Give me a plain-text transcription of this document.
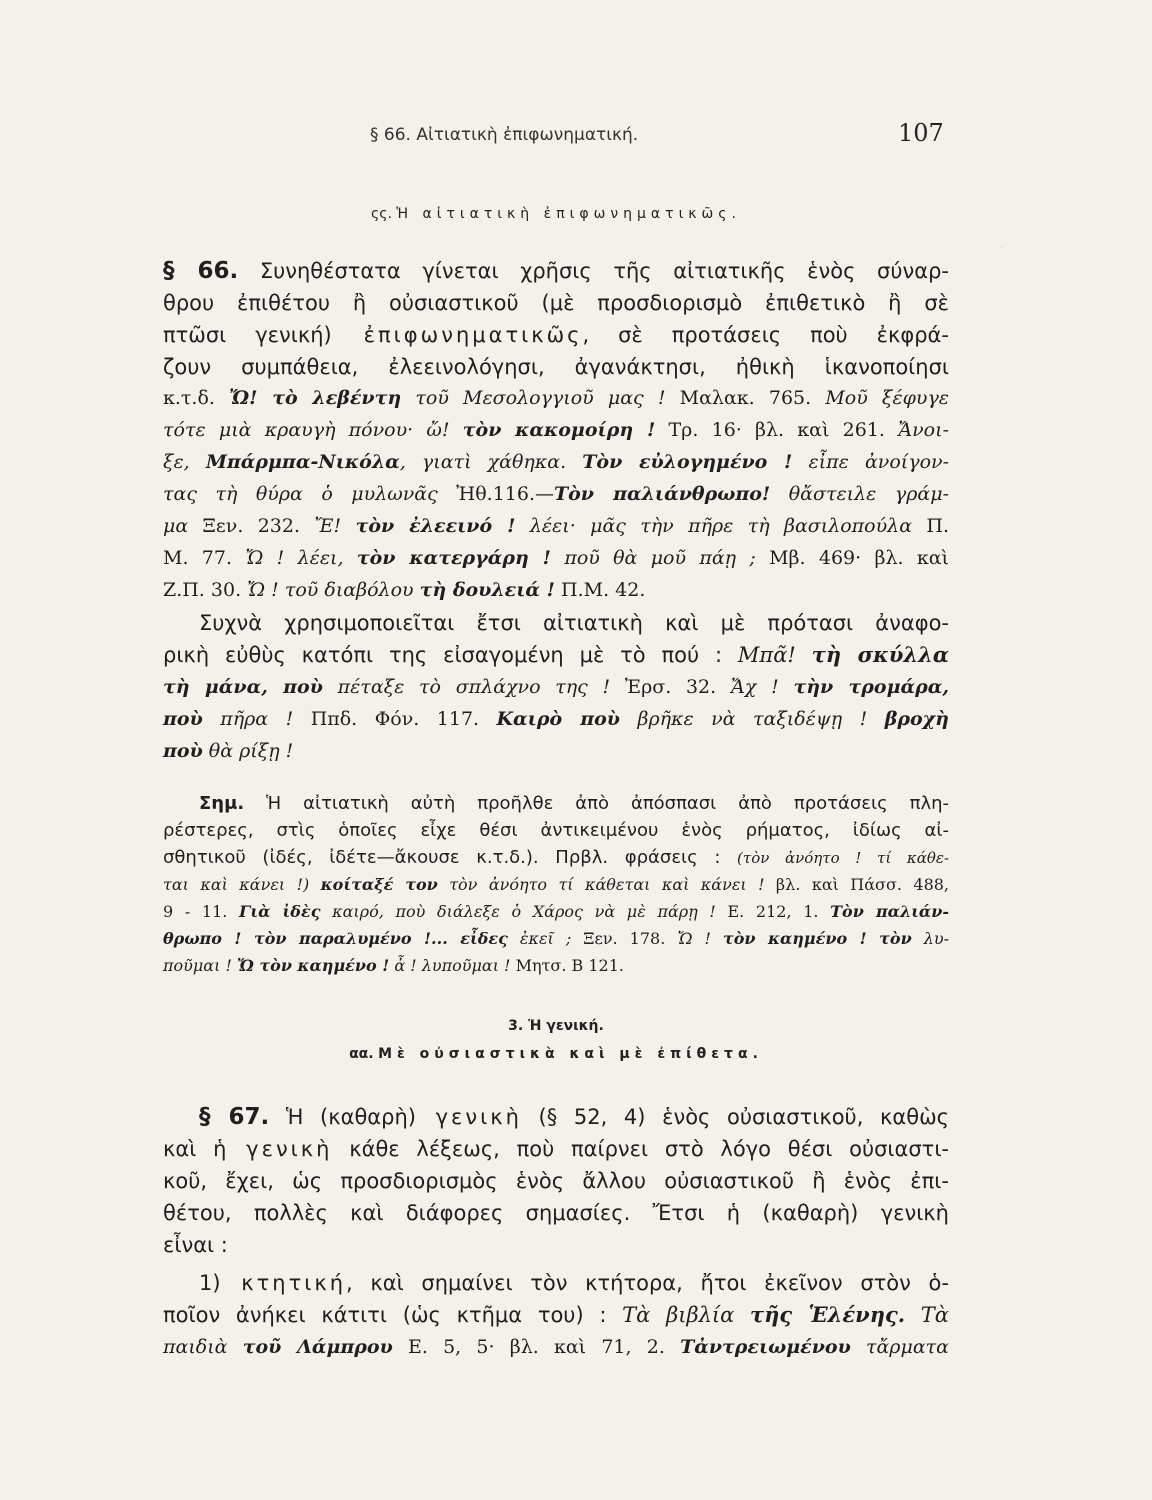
·
§ 66. Αἰτιατικὴ ἐπιφωνηματική.	107
ςς. Ἡ αἰτιατικὴ ἐπιφωνηματικῶς.
§ 66. Συνηθέστατα γίνεται χρῆσις τῆς αἰτιατικῆς ἑνὸς σύναρ-
θρου ἐπιθέτου ἢ οὐσιαστικοῦ (μὲ προσδιορισμὸ ἐπιθετικὸ ἢ σὲ
πτῶσι γενική) ἐπιφωνηματικῶς, σὲ προτάσεις ποὺ ἐκφρά-
ζουν συμπάθεια, ἐλεεινολόγησι, ἀγανάκτησι, ἠθικὴ ἱκανοποίησι
κ.τ.δ. Ὤ! τὸ λεβέντη τοῦ Μεσολογγιοῦ μας ! Μαλακ. 765. Μοῦ ξέφυγε
τότε μιὰ κραυγὴ πόνου· ὤ! τὸν κακομοίρη ! Τρ. 16· βλ. καὶ 261. Ἄνοι-
ξε, Μπάρμπα-Νικόλα, γιατὶ χάθηκα. Τὸν εὐλογημένο ! εἶπε ἀνοίγον-
τας τὴ θύρα ὁ μυλωνᾶς Ἠθ.116.—Τὸν παλιάνθρωπο! θἄστειλε γράμ-
μα Ξεν. 232. Ἔ! τὸν ἐλεεινό ! λέει· μᾶς τὴν πῆρε τὴ βασιλοπούλα Π.
Μ. 77. Ὤ ! λέει, τὸν κατεργάρη ! ποῦ θὰ μοῦ πάῃ ; Μβ. 469· βλ. καὶ
Ζ.Π. 30. Ὤ ! τοῦ διαβόλου τὴ δουλειά ! Π.Μ. 42.
Συχνὰ χρησιμοποιεῖται ἔτσι αἰτιατικὴ καὶ μὲ πρότασι ἀναφο-
ρικὴ εὐθὺς κατόπι της εἰσαγομένη μὲ τὸ πού : Μπᾶ! τὴ σκύλλα
τὴ μάνα, ποὺ πέταξε τὸ σπλάχνο της ! Ἐρσ. 32. Ἄχ ! τὴν τρομάρα,
ποὺ πῆρα ! Ππδ. Φόν. 117. Καιρὸ ποὺ βρῆκε νὰ ταξιδέψῃ ! βροχὴ
ποὺ θὰ ρίξῃ !
Σημ. Ἡ αἰτιατικὴ αὐτὴ προῆλθε ἀπὸ ἀπόσπασι ἀπὸ προτάσεις πλη-
ρέστερες, στὶς ὁποῖες εἶχε θέσι ἀντικειμένου ἑνὸς ρήματος, ἰδίως αἰ-
σθητικοῦ (ἰδές, ἰδέτε—ἄκουσε κ.τ.δ.). Πρβλ. φράσεις : (τὸν ἀνόητο ! τί κάθε-
ται καὶ κάνει !) κοίταξέ τον τὸν ἀνόητο τί κάθεται καὶ κάνει ! βλ. καὶ Πάσσ. 488,
9 - 11. Γιὰ ἰδὲς καιρό, ποὺ διάλεξε ὁ Χάρος νὰ μὲ πάρῃ ! Ε. 212, 1. Τὸν παλιάν-
θρωπο ! τὸν παραλυμένο !... εἶδες ἐκεῖ ; Ξεν. 178. Ὤ ! τὸν καημένο ! τὸν λυ-
ποῦμαι ! Ὤ τὸν καημένο ! ἆ ! λυποῦμαι ! Μητσ. Β 121.
3. Ἡ γενική.
αα. Μὲ οὐσιαστικὰ καὶ μὲ ἐπίθετα.
§ 67. Ἡ (καθαρὴ) γενικὴ (§ 52, 4) ἑνὸς οὐσιαστικοῦ, καθὼς
καὶ ἡ γενικὴ κάθε λέξεως, ποὺ παίρνει στὸ λόγο θέσι οὐσιαστι-
κοῦ, ἔχει, ὡς προσδιορισμὸς ἑνὸς ἄλλου οὐσιαστικοῦ ἢ ἑνὸς ἐπι-
θέτου, πολλὲς καὶ διάφορες σημασίες. Ἔτσι ἡ (καθαρὴ) γενικὴ
εἶναι :
1) κτητική, καὶ σημαίνει τὸν κτήτορα, ἤτοι ἐκεῖνον στὸν ὁ-
ποῖον ἀνήκει κάτιτι (ὡς κτῆμα του) : Τὰ βιβλία τῆς Ἑλένης. Τὰ
παιδιὰ τοῦ Λάμπρου Ε. 5, 5· βλ. καὶ 71, 2. Τἀντρειωμένου τἄρματα
